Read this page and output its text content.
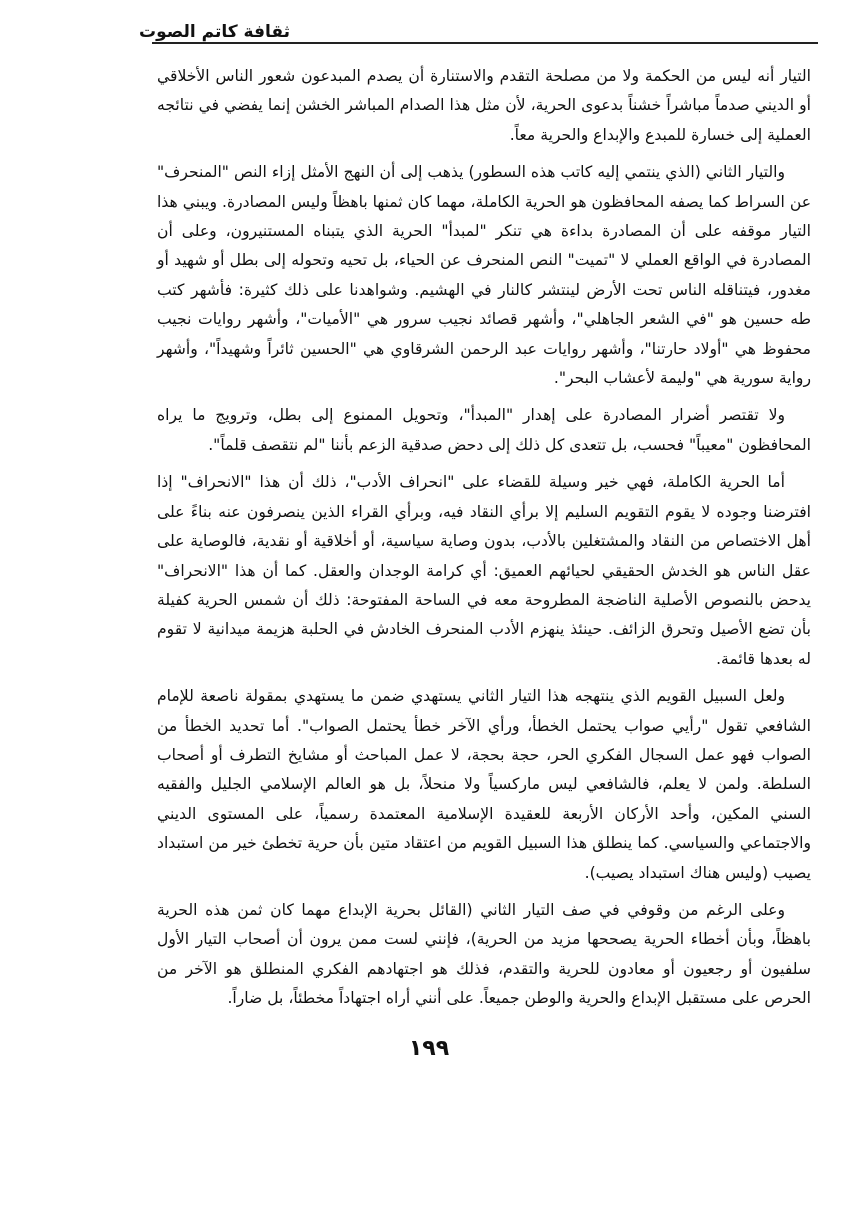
ثقافة كاتم الصوت

التيار أنه ليس من الحكمة ولا من مصلحة التقدم والاستنارة أن يصدم المبدعون شعور الناس الأخلاقي أو الديني صدماً مباشراً خشناً بدعوى الحرية، لأن مثل هذا الصدام المباشر الخشن إنما يفضي في نتائجه العملية إلى خسارة للمبدع والإبداع والحرية معاً.

والتيار الثاني (الذي ينتمي إليه كاتب هذه السطور) يذهب إلى أن النهج الأمثل إزاء النص "المنحرف" عن السراط كما يصفه المحافظون هو الحرية الكاملة، مهما كان ثمنها باهظاً وليس المصادرة. ويبني هذا التيار موقفه على أن المصادرة بداءة هي تنكر "لمبدأ" الحرية الذي يتبناه المستنيرون، وعلى أن المصادرة في الواقع العملي لا "تميت" النص المنحرف عن الحياء، بل تحيه وتحوله إلى بطل أو شهيد أو مغدور، فيتناقله الناس تحت الأرض لينتشر كالنار في الهشيم. وشواهدنا على ذلك كثيرة: فأشهر كتب طه حسين هو "في الشعر الجاهلي"، وأشهر قصائد نجيب سرور هي "الأميات"، وأشهر روايات نجيب محفوظ هي "أولاد حارتنا"، وأشهر روايات عبد الرحمن الشرقاوي هي "الحسين ثائراً وشهيداً"، وأشهر رواية سورية هي "وليمة لأعشاب البحر".

ولا تقتصر أضرار المصادرة على إهدار "المبدأ"، وتحويل الممنوع إلى بطل، وترويج ما يراه المحافظون "معيباً" فحسب، بل تتعدى كل ذلك إلى دحض صدقية الزعم بأننا "لم نتقصف قلماً".

أما الحرية الكاملة، فهي خير وسيلة للقضاء على "انحراف الأدب"، ذلك أن هذا "الانحراف" إذا افترضنا وجوده لا يقوم التقويم السليم إلا برأي النقاد فيه، وبرأي القراء الذين ينصرفون عنه بناءً على أهل الاختصاص من النقاد والمشتغلين بالأدب، بدون وصاية سياسية، أو أخلاقية أو نقدية، فالوصاية على عقل الناس هو الخدش الحقيقي لحيائهم العميق: أي كرامة الوجدان والعقل. كما أن هذا "الانحراف" يدحض بالنصوص الأصلية الناضجة المطروحة معه في الساحة المفتوحة: ذلك أن شمس الحرية كفيلة بأن تضع الأصيل وتحرق الزائف. حينئذ ينهزم الأدب المنحرف الخادش في الحلبة هزيمة ميدانية لا تقوم له بعدها قائمة.

ولعل السبيل القويم الذي ينتهجه هذا التيار الثاني يستهدي ضمن ما يستهدي بمقولة ناصعة للإمام الشافعي تقول "رأيي صواب يحتمل الخطأ، ورأي الآخر خطأ يحتمل الصواب". أما تحديد الخطأ من الصواب فهو عمل السجال الفكري الحر، حجة بحجة، لا عمل المباحث أو مشايخ التطرف أو أصحاب السلطة. ولمن لا يعلم، فالشافعي ليس ماركسياً ولا منحلاً، بل هو العالم الإسلامي الجليل والفقيه السني المكين، وأحد الأركان الأربعة للعقيدة الإسلامية المعتمدة رسمياً، على المستوى الديني والاجتماعي والسياسي. كما ينطلق هذا السبيل القويم من اعتقاد متين بأن حرية تخطئ خير من استبداد يصيب (وليس هناك استبداد يصيب).

وعلى الرغم من وقوفي في صف التيار الثاني (القائل بحرية الإبداع مهما كان ثمن هذه الحرية باهظاً، وبأن أخطاء الحرية يصححها مزيد من الحرية)، فإنني لست ممن يرون أن أصحاب التيار الأول سلفيون أو رجعيون أو معادون للحرية والتقدم، فذلك هو اجتهادهم الفكري المنطلق هو الآخر من الحرص على مستقبل الإبداع والحرية والوطن جميعاً. على أنني أراه اجتهاداً مخطئاً، بل ضاراً.

١٩٩
